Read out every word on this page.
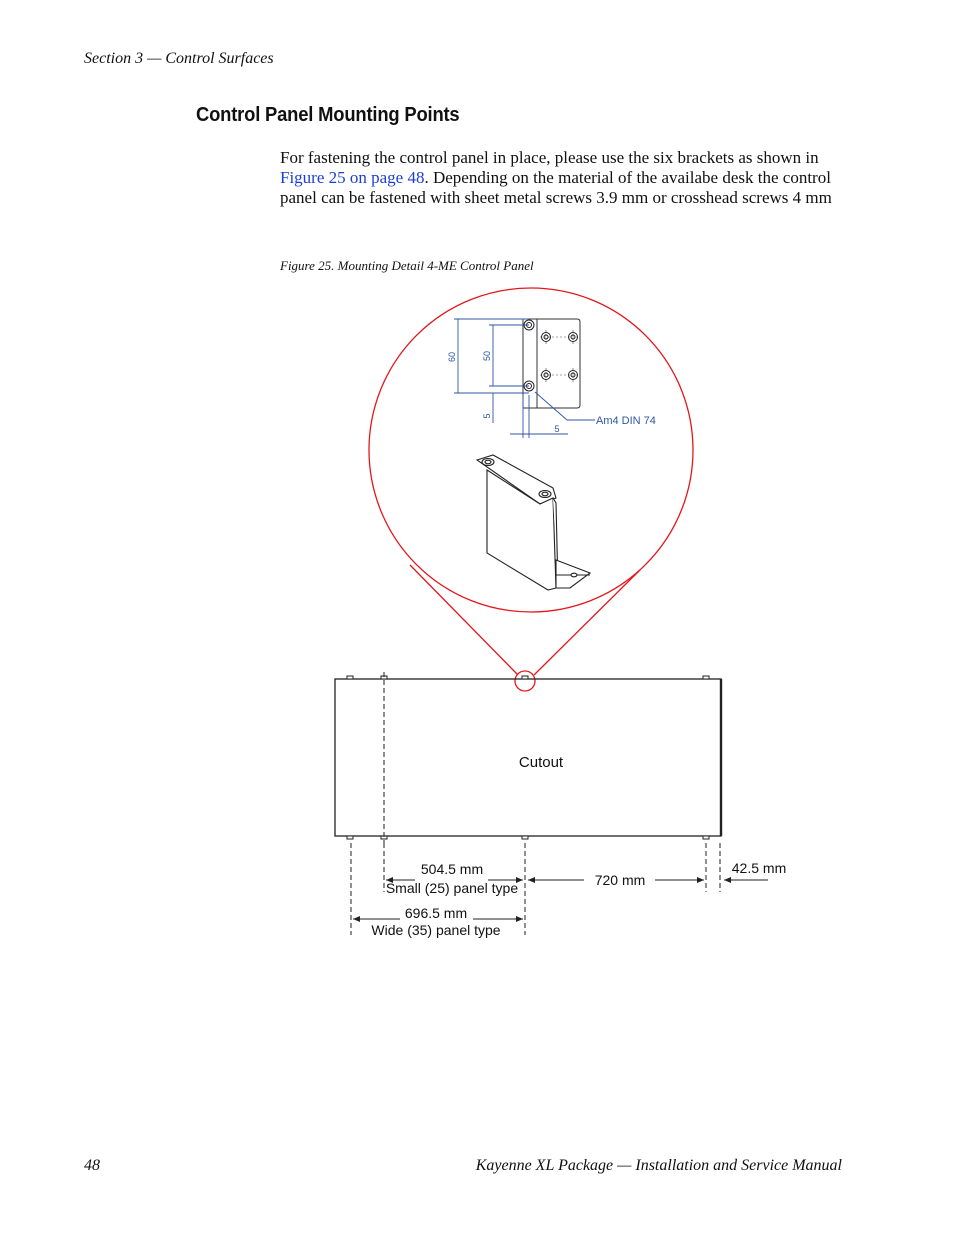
Section 3 — Control Surfaces
Control Panel Mounting Points
For fastening the control panel in place, please use the six brackets as shown in Figure 25 on page 48. Depending on the material of the availabe desk the control panel can be fastened with sheet metal screws 3.9 mm or crosshead screws 4 mm
Figure 25. Mounting Detail 4-ME Control Panel
60	50
5
5
Am4 DIN 74
Cutout
504.5 mm
Small (25) panel type	720 mm
42.5 mm
696.5 mm
Wide (35) panel type
48	Kayenne XL Package — Installation and Service Manual
